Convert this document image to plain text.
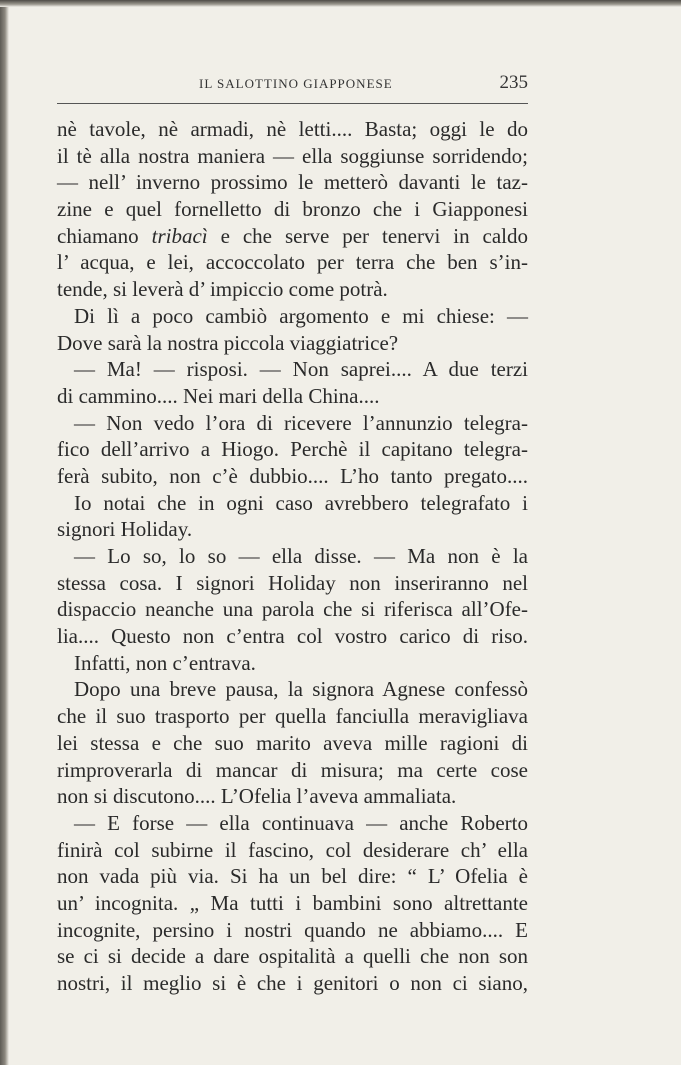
IL SALOTTINO GIAPPONESE	235
nè tavole, nè armadi, nè letti.... Basta; oggi le do
il tè alla nostra maniera — ella soggiunse sorridendo;
— nell’ inverno prossimo le metterò davanti le taz-
zine e quel fornelletto di bronzo che i Giapponesi
chiamano tribacì e che serve per tenervi in caldo
l’ acqua, e lei, accoccolato per terra che ben s’in-
tende, si leverà d’ impiccio come potrà.
Di lì a poco cambiò argomento e mi chiese: —
Dove sarà la nostra piccola viaggiatrice?
— Ma! — risposi. — Non saprei.... A due terzi
di cammino.... Nei mari della China....
— Non vedo l’ora di ricevere l’annunzio telegra-
fico dell’arrivo a Hiogo. Perchè il capitano telegra-
ferà subito, non c’è dubbio.... L’ho tanto pregato....
Io notai che in ogni caso avrebbero telegrafato i
signori Holiday.
— Lo so, lo so — ella disse. — Ma non è la
stessa cosa. I signori Holiday non inseriranno nel
dispaccio neanche una parola che si riferisca all’Ofe-
lia.... Questo non c’entra col vostro carico di riso.
Infatti, non c’entrava.
Dopo una breve pausa, la signora Agnese confessò
che il suo trasporto per quella fanciulla meravigliava
lei stessa e che suo marito aveva mille ragioni di
rimproverarla di mancar di misura; ma certe cose
non si discutono.... L’Ofelia l’aveva ammaliata.
— E forse — ella continuava — anche Roberto
finirà col subirne il fascino, col desiderare ch’ ella
non vada più via. Si ha un bel dire: “ L’ Ofelia è
un’ incognita. „ Ma tutti i bambini sono altrettante
incognite, persino i nostri quando ne abbiamo.... E
se ci si decide a dare ospitalità a quelli che non son
nostri, il meglio si è che i genitori o non ci siano,
